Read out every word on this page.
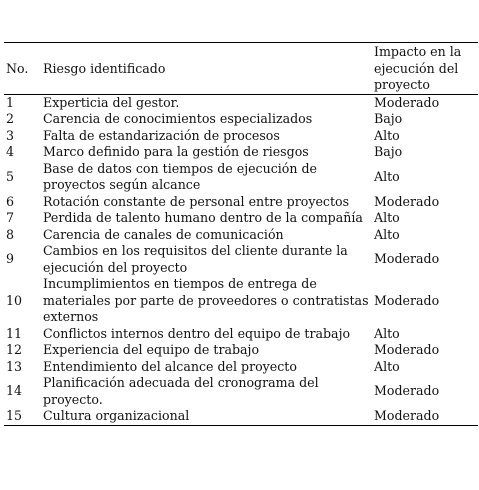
No.	Riesgo identificado	Impacto en la ejecución del proyecto
1	Experticia del gestor.	Moderado
2	Carencia de conocimientos especializados	Bajo
3	Falta de estandarización de procesos	Alto
4	Marco definido para la gestión de riesgos	Bajo
5	Base de datos con tiempos de ejecución de proyectos según alcance	Alto
6	Rotación constante de personal entre proyectos	Moderado
7	Perdida de talento humano dentro de la compañía	Alto
8	Carencia de canales de comunicación	Alto
9	Cambios en los requisitos del cliente durante la ejecución del proyecto	Moderado
10	Incumplimientos en tiempos de entrega de materiales por parte de proveedores o contratistas externos	Moderado
11	Conflictos internos dentro del equipo de trabajo	Alto
12	Experiencia del equipo de trabajo	Moderado
13	Entendimiento del alcance del proyecto	Alto
14	Planificación adecuada del cronograma del proyecto.	Moderado
15	Cultura organizacional	Moderado
